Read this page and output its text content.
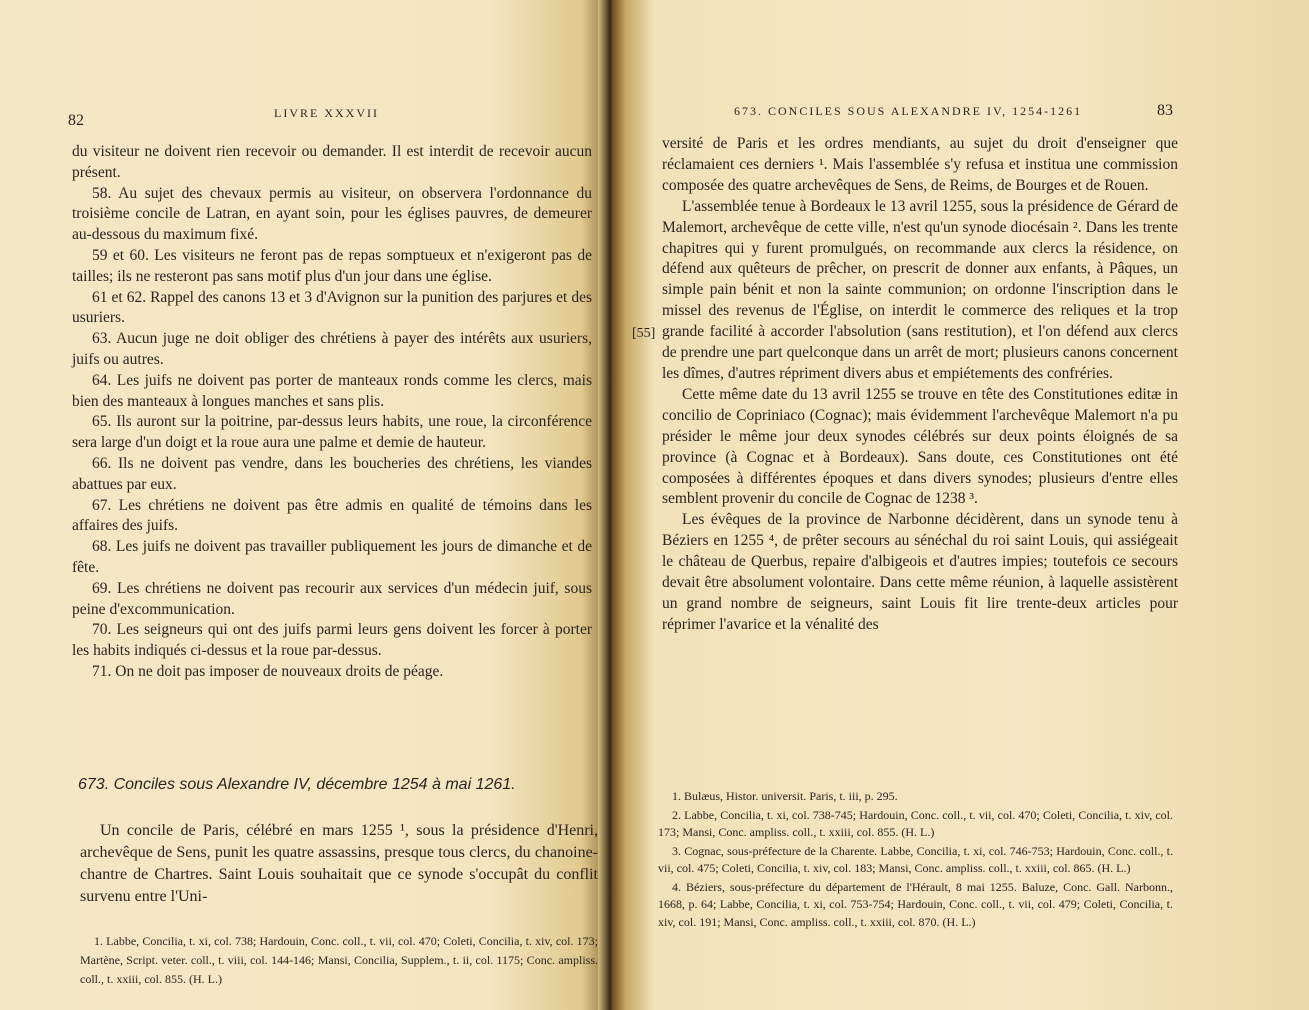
82	LIVRE XXXVII

du visiteur ne doivent rien recevoir ou demander. Il est interdit de recevoir aucun présent.

58. Au sujet des chevaux permis au visiteur, on observera l'ordonnance du troisième concile de Latran, en ayant soin, pour les églises pauvres, de demeurer au-dessous du maximum fixé.

59 et 60. Les visiteurs ne feront pas de repas somptueux et n'exigeront pas de tailles; ils ne resteront pas sans motif plus d'un jour dans une église.

61 et 62. Rappel des canons 13 et 3 d'Avignon sur la punition des parjures et des usuriers.

63. Aucun juge ne doit obliger des chrétiens à payer des intérêts aux usuriers, juifs ou autres.

64. Les juifs ne doivent pas porter de manteaux ronds comme les clercs, mais bien des manteaux à longues manches et sans plis.

65. Ils auront sur la poitrine, par-dessus leurs habits, une roue, la circonférence sera large d'un doigt et la roue aura une palme et demie de hauteur.

66. Ils ne doivent pas vendre, dans les boucheries des chrétiens, les viandes abattues par eux.

67. Les chrétiens ne doivent pas être admis en qualité de témoins dans les affaires des juifs.

68. Les juifs ne doivent pas travailler publiquement les jours de dimanche et de fête.

69. Les chrétiens ne doivent pas recourir aux services d'un médecin juif, sous peine d'excommunication.

70. Les seigneurs qui ont des juifs parmi leurs gens doivent les forcer à porter les habits indiqués ci-dessus et la roue par-dessus.

71. On ne doit pas imposer de nouveaux droits de péage.

673. Conciles sous Alexandre IV, décembre 1254 à mai 1261.

Un concile de Paris, célébré en mars 1255 ¹, sous la présidence d'Henri, archevêque de Sens, punit les quatre assassins, presque tous clercs, du chanoine-chantre de Chartres. Saint Louis souhaitait que ce synode s'occupât du conflit survenu entre l'Uni-

1. Labbe, Concilia, t. xi, col. 738; Hardouin, Conc. coll., t. vii, col. 470; Coleti, Concilia, t. xiv, col. 173; Martène, Script. veter. coll., t. viii, col. 144-146; Mansi, Concilia, Supplem., t. ii, col. 1175; Conc. ampliss. coll., t. xxiii, col. 855. (H. L.)

673. CONCILES SOUS ALEXANDRE IV, 1254-1261	83
[55]

versité de Paris et les ordres mendiants, au sujet du droit d'enseigner que réclamaient ces derniers ¹. Mais l'assemblée s'y refusa et institua une commission composée des quatre archevêques de Sens, de Reims, de Bourges et de Rouen.

L'assemblée tenue à Bordeaux le 13 avril 1255, sous la présidence de Gérard de Malemort, archevêque de cette ville, n'est qu'un synode diocésain ². Dans les trente chapitres qui y furent promulgués, on recommande aux clercs la résidence, on défend aux quêteurs de prêcher, on prescrit de donner aux enfants, à Pâques, un simple pain bénit et non la sainte communion; on ordonne l'inscription dans le missel des revenus de l'Église, on interdit le commerce des reliques et la trop grande facilité à accorder l'absolution (sans restitution), et l'on défend aux clercs de prendre une part quelconque dans un arrêt de mort; plusieurs canons concernent les dîmes, d'autres répriment divers abus et empiétements des confréries.

Cette même date du 13 avril 1255 se trouve en tête des Constitutiones editæ in concilio de Copriniaco (Cognac); mais évidemment l'archevêque Malemort n'a pu présider le même jour deux synodes célébrés sur deux points éloignés de sa province (à Cognac et à Bordeaux). Sans doute, ces Constitutiones ont été composées à différentes époques et dans divers synodes; plusieurs d'entre elles semblent provenir du concile de Cognac de 1238 ³.

Les évêques de la province de Narbonne décidèrent, dans un synode tenu à Béziers en 1255 ⁴, de prêter secours au sénéchal du roi saint Louis, qui assiégeait le château de Querbus, repaire d'albigeois et d'autres impies; toutefois ce secours devait être absolument volontaire. Dans cette même réunion, à laquelle assistèrent un grand nombre de seigneurs, saint Louis fit lire trente-deux articles pour réprimer l'avarice et la vénalité des

1. Bulæus, Histor. universit. Paris, t. iii, p. 295.

2. Labbe, Concilia, t. xi, col. 738-745; Hardouin, Conc. coll., t. vii, col. 470; Coleti, Concilia, t. xiv, col. 173; Mansi, Conc. ampliss. coll., t. xxiii, col. 855. (H. L.)

3. Cognac, sous-préfecture de la Charente. Labbe, Concilia, t. xi, col. 746-753; Hardouin, Conc. coll., t. vii, col. 475; Coleti, Concilia, t. xiv, col. 183; Mansi, Conc. ampliss. coll., t. xxiii, col. 865. (H. L.)

4. Béziers, sous-préfecture du département de l'Hérault, 8 mai 1255. Baluze, Conc. Gall. Narbonn., 1668, p. 64; Labbe, Concilia, t. xi, col. 753-754; Hardouin, Conc. coll., t. vii, col. 479; Coleti, Concilia, t. xiv, col. 191; Mansi, Conc. ampliss. coll., t. xxiii, col. 870. (H. L.)
